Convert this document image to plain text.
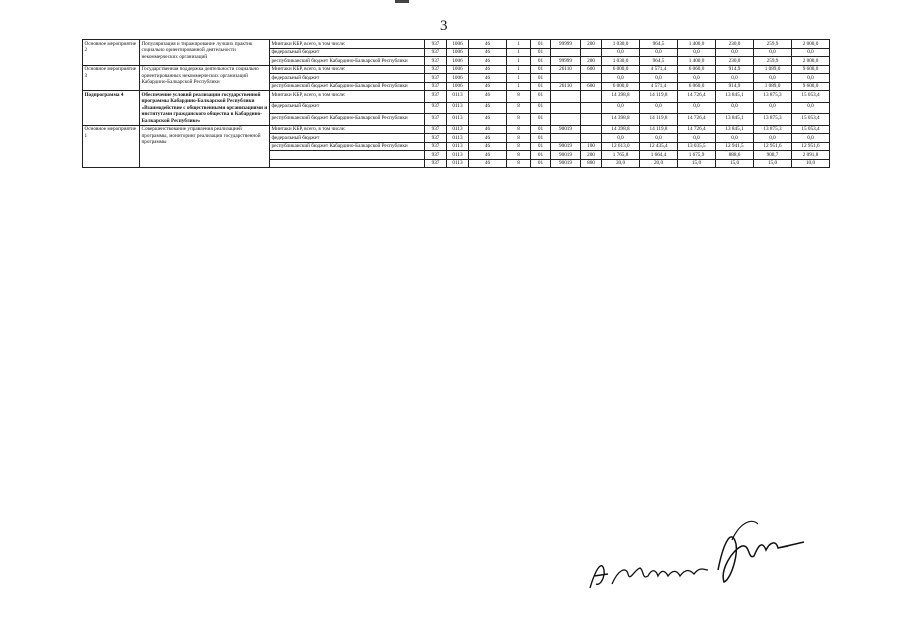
3
Основное мероприятие 2	Популяризация и тиражирование лучших практик социально ориентированной деятельности некоммерческих организаций	Минтаки КБР, всего, в том числе:	937	1006	46	1	01	99999	200	1 030,0	964,5	1 400,0	230,0	259,9	2 000,0
		федеральный бюджет	937	1006	46	1	01			0,0	0,0	0,0	0,0	0,0	0,0
		республиканский бюджет Кабардино-Балкарской Республики	937	1006	46	1	01	99999	200	1 030,0	964,5	1 400,0	230,0	259,9	2 000,0
Основное мероприятие 3	Государственная поддержка деятельности социально ориентированных некоммерческих организаций Кабардино-Балкарской Республики	Минтаки КБР, всего, в том числе:	937	1006	46	1	01	26110	600	6 000,0	4 571,4	6 060,0	914,9	1 089,0	9 600,0
		федеральный бюджет	937	1006	46	1	01			0,0	0,0	0,0	0,0	0,0	0,0
		республиканский бюджет Кабардино-Балкарской Республики	937	1006	46	1	01	26110	600	6 000,0	4 571,4	6 060,0	914,9	1 089,0	9 600,0
Подпрограмма 4	Обеспечение условий реализации государственной программы Кабардино-Балкарской Республики «Взаимодействие с общественными организациями и институтами гражданского общества в Кабардино-Балкарской Республике»	Минтаки КБР, всего, в том числе:	937	0113	46	8	01			14 398,8	14 119,8	14 726,4	13 845,1	13 875,3	15 053,4
		федеральный бюджет	937	0113	46	8	01			0,0	0,0	0,0	0,0	0,0	0,0
		республиканский бюджет Кабардино-Балкарской Республики	937	0113	46	8	01			14 398,8	14 119,8	14 726,4	13 845,1	13 875,3	15 053,4
Основное мероприятие 1	Совершенствование управления реализацией программы, мониторинг реализации государственной программы	Минтаки КБР, всего, в том числе:	937	0113	46	8	01	90019		14 398,8	14 119,8	14 726,4	13 845,1	13 875,3	15 053,4
		федеральный бюджет	937	0113	46	8	01			0,0	0,0	0,0	0,0	0,0	0,0
		республиканский бюджет Кабардино-Балкарской Республики	937	0113	46	8	01	90019	100	12 613,0	12 435,4	13 035,5	12 941,5	12 951,6	12 951,6
			937	0113	46	8	01	90019	200	1 765,8	1 664,4	1 675,9	888,6	908,7	2 091,8
			937	0113	46	8	01	90019	800	20,0	20,0	15,0	15,0	15,0	10,0
